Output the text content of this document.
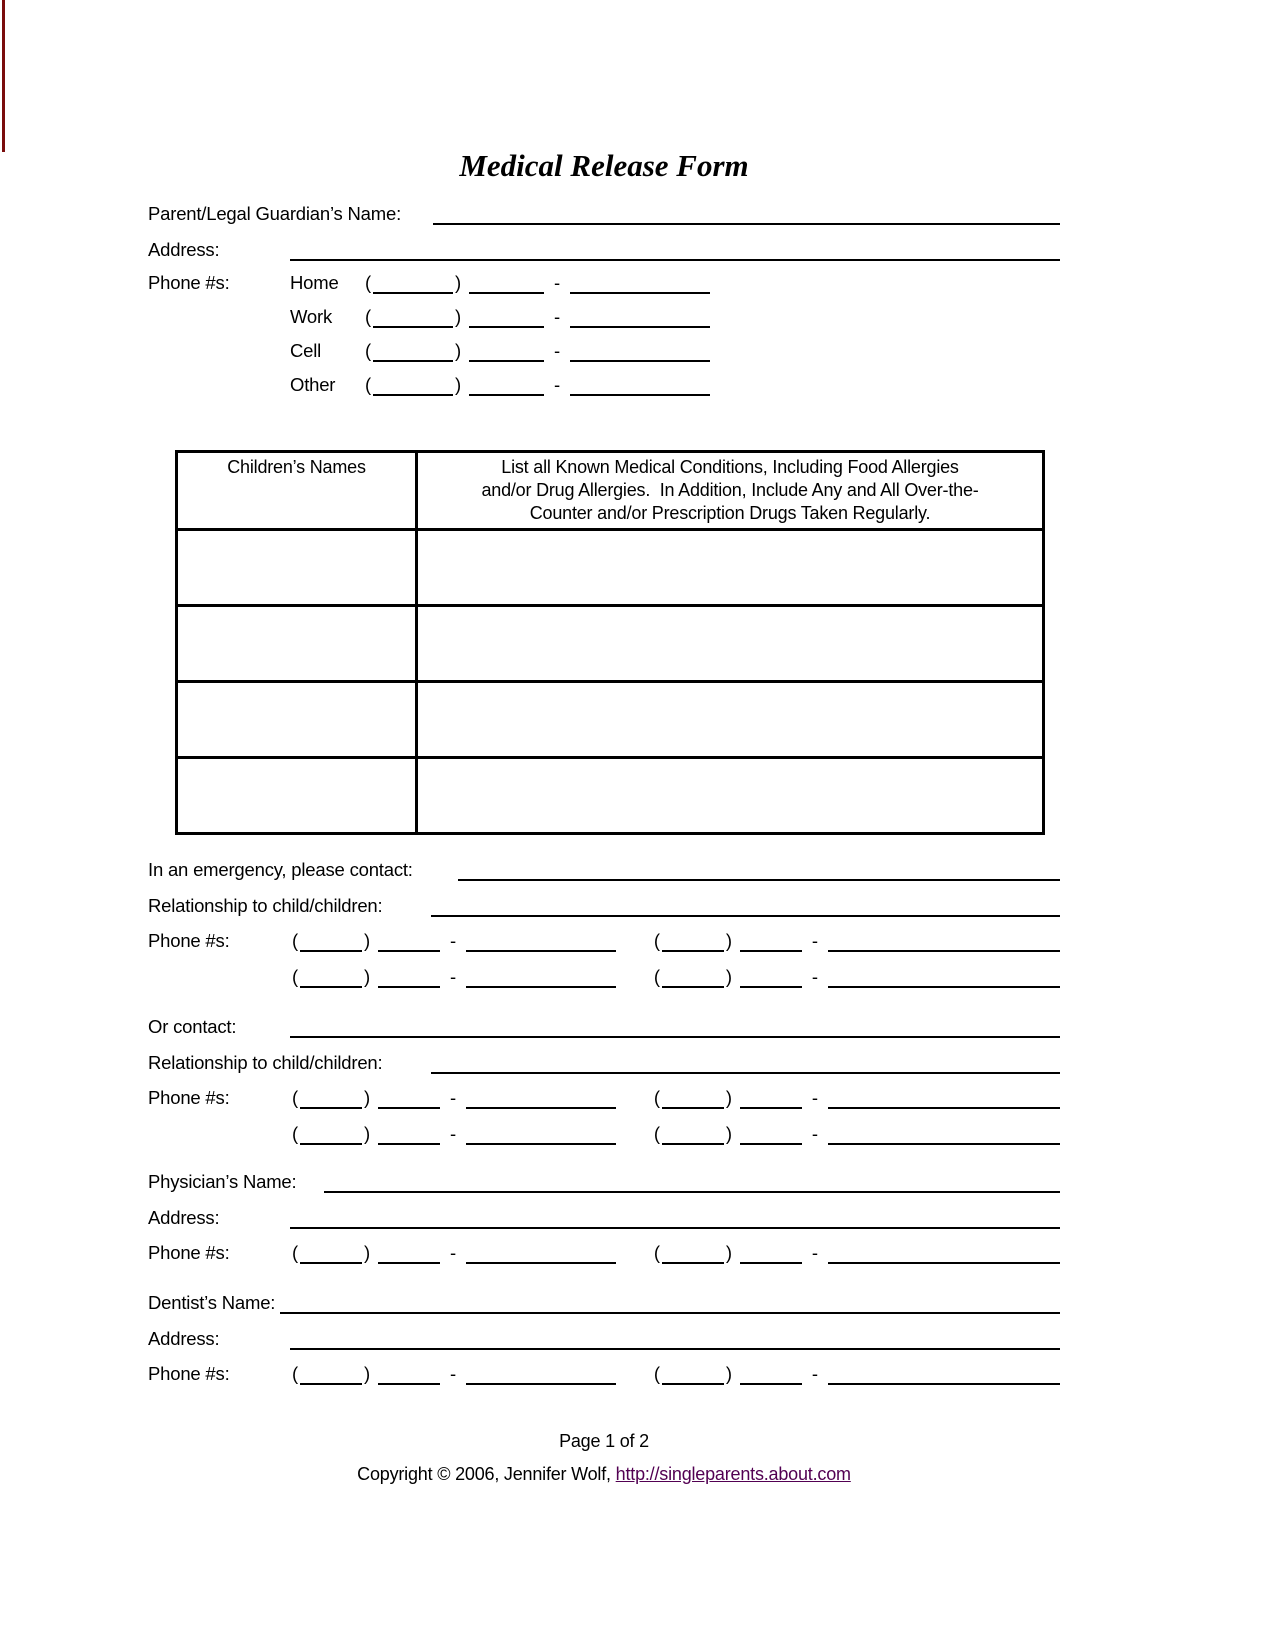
Medical Release Form
Parent/Legal Guardian’s Name:
Address:
Phone #s:	Home	(	)	-
Work	(	)	-
Cell	(	)	-
Other	(	)	-
Children’s Names	List all Known Medical Conditions, Including Food Allergies
and/or Drug Allergies.  In Addition, Include Any and All Over-the-
Counter and/or Prescription Drugs Taken Regularly.

In an emergency, please contact:
Relationship to child/children:
Phone #s:	(	)	-	(	)	-
(	)	-	(	)	-
Or contact:
Relationship to child/children:
Phone #s:	(	)	-	(	)	-
(	)	-	(	)	-
Physician’s Name:
Address:
Phone #s:	(	)	-	(	)	-
Dentist’s Name:
Address:
Phone #s:	(	)	-	(	)	-
Page 1 of 2
Copyright © 2006, Jennifer Wolf, http://singleparents.about.com
